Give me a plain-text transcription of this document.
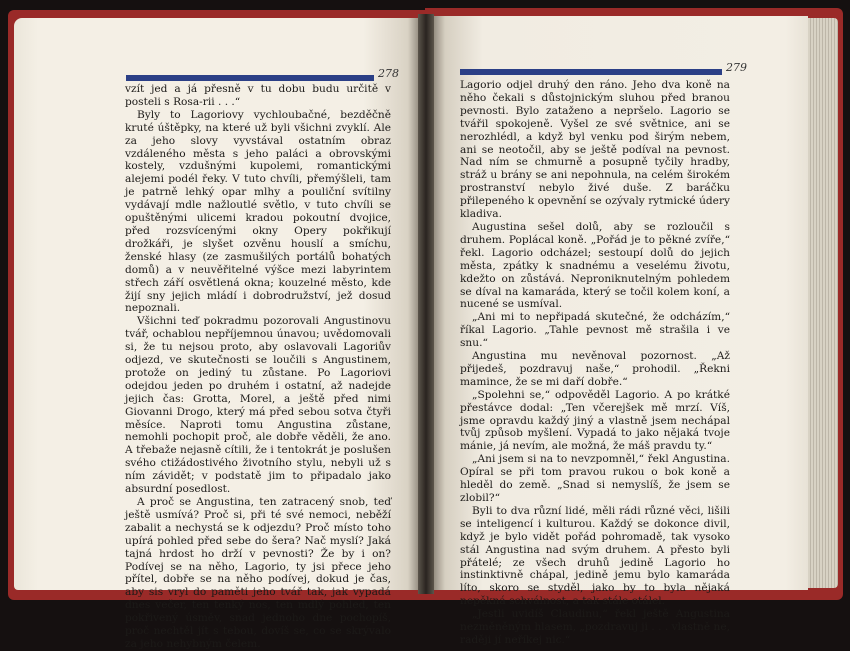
278

vzít jed a já přesně v tu dobu budu určitě v posteli s Rosa-rii . . .“

Byly to Lagoriovy vychloubačné, bezděčně kruté úštěpky, na které už byli všichni zvyklí. Ale za jeho slovy vyvstával ostatním obraz vzdáleného města s jeho paláci a obrovskými kostely, vzdušnými kupolemi, romantickými alejemi podél řeky. V tuto chvíli, přemýšleli, tam je patrně lehký opar mlhy a pouliční svítilny vydávají mdle nažloutlé světlo, v tuto chvíli se opuštěnými ulicemi kradou pokoutní dvojice, před rozsvícenými okny Opery pokřikují drožkáři, je slyšet ozvěnu houslí a smíchu, ženské hlasy (ze zasmušilých portálů bohatých domů) a v neuvěřitelné výšce mezi labyrintem střech září osvětlená okna; kouzelné město, kde žijí sny jejich mládí i dobrodružství, jež dosud nepoznali.

Všichni teď pokradmu pozorovali Angustinovu tvář, ochablou nepříjemnou únavou; uvědomovali si, že tu nejsou proto, aby oslavovali Lagoriův odjezd, ve skutečnosti se loučili s Angustinem, protože on jediný tu zůstane. Po Lagoriovi odejdou jeden po druhém i ostatní, až nadejde jejich čas: Grotta, Morel, a ještě před nimi Giovanni Drogo, který má před sebou sotva čtyři měsíce. Naproti tomu Angustina zůstane, nemohli pochopit proč, ale dobře věděli, že ano. A třebaže nejasně cítili, že i tentokrát je poslušen svého ctižádostivého životního stylu, nebyli už s ním závidět; v podstatě jim to připadalo jako absurdní posedlost.

A proč se Angustina, ten zatracený snob, teď ještě usmívá? Proč si, při té své nemoci, neběží zabalit a nechystá se k odjezdu? Proč místo toho upírá pohled před sebe do šera? Nač myslí? Jaká tajná hrdost ho drží v pevnosti? Že by i on? Podívej se na něho, Lagorio, ty jsi přece jeho přítel, dobře se na něho podívej, dokud je čas, aby sis vryl do paměti jeho tvář tak, jak vypadá dnes večer, ten tenký nos, ten mdlý pohled, ten pokřivený úsměv, snad jednoho dne pochopíš, proč nechtěl jít s tebou, dovíš se, co se skrývalo za jeho nehybným čelem.

279

Lagorio odjel druhý den ráno. Jeho dva koně na něho čekali s důstojnickým sluhou před branou pevnosti. Bylo zataženo a nepršelo. Lagorio se tvářil spokojeně. Vyšel ze své světnice, ani se nerozhlédl, a když byl venku pod širým nebem, ani se neotočil, aby se ještě podíval na pevnost. Nad ním se chmurně a posupně tyčily hradby, stráž u brány se ani nepohnula, na celém širokém prostranství nebylo živé duše. Z baráčku přilepeného k opevnění se ozývaly rytmické údery kladiva.

Augustina sešel dolů, aby se rozloučil s druhem. Poplácal koně. „Pořád je to pěkné zvíře,“ řekl. Lagorio odcházel; sestoupí dolů do jejich města, zpátky k snadnému a veselému životu, kdežto on zůstává. Neproniknutelným pohledem se díval na kamaráda, který se točil kolem koní, a nucené se usmíval.

„Ani mi to nepřipadá skutečné, že odcházím,“ říkal Lagorio. „Tahle pevnost mě strašila i ve snu.“

Angustina mu nevěnoval pozornost. „Až přijedeš, pozdravuj naše,“ prohodil. „Řekni mamince, že se mi daří dobře.“

„Spolehni se,“ odpověděl Lagorio. A po krátké přestávce dodal: „Ten včerejšek mě mrzí. Víš, jsme opravdu každý jiný a vlastně jsem nechápal tvůj způsob myšlení. Vypadá to jako nějaká tvoje mánie, já nevím, ale možná, že máš pravdu ty.“

„Ani jsem si na to nevzpomněl,“ řekl Angustina. Opíral se při tom pravou rukou o bok koně a hleděl do země. „Snad si nemyslíš, že jsem se zlobil?“

Byli to dva různí lidé, měli rádi různé věci, lišili se inteligencí i kulturou. Každý se dokonce divil, když je bylo vidět pořád pohromadě, tak vysoko stál Angustina nad svým druhem. A přesto byli přátelé; ze všech druhů jedině Lagorio ho instinktivně chápal, jedině jemu bylo kamaráda líto, skoro se styděl, jako by to byla nějaká nepěkná schválnost, a tak stále otálel.

„Jestli uvidíš Claudinu,“ řekl ještě Angustina nezměněným hlasem, „pozdravuj ji . . . vlastně ne, raději jí neříkej nic.“
